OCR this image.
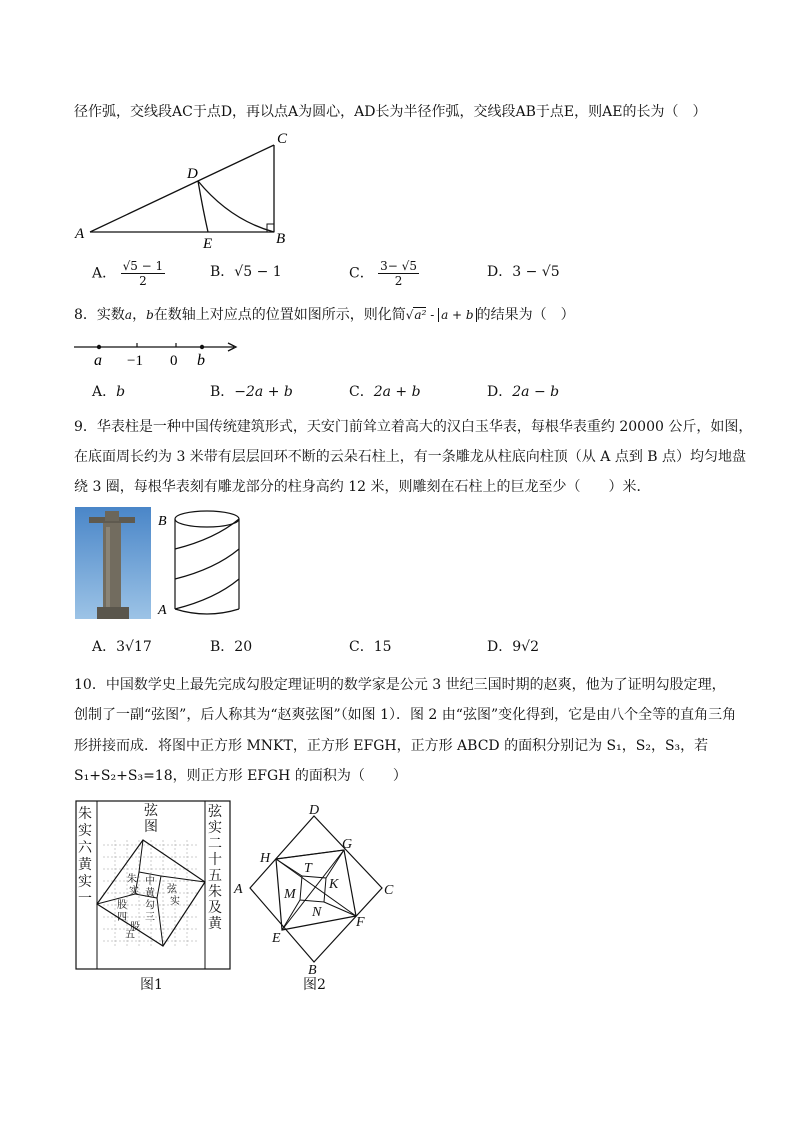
径作弧，交线段AC于点D，再以点A为圆心，AD长为半径作弧，交线段AB于点E，则AE的长为（　）
A	B
C
D
E
A． $\frac{√5 - 1}{2}$	B．√5 − 1	C． $\frac{3- √5}{2}$	D．3 − √5
8．实数a，b在数轴上对应点的位置如图所示，则化简√a² - a + b 的结果为（　）
a −1 0 b
A．b	B．−2a + b	C．2a + b	D．2a − b
9．华表柱是一种中国传统建筑形式，天安门前耸立着高大的汉白玉华表，每根华表重约 20000 公斤，如图，
在底面周长约为 3 米带有层层回环不断的云朵石柱上，有一条雕龙从柱底向柱顶（从 A 点到 B 点）均匀地盘
绕 3 圈，每根华表刻有雕龙部分的柱身高约 12 米，则雕刻在石柱上的巨龙至少（　　）米．
B
A
A．3√17	B．20	C．15	D．9√2
10．中国数学史上最先完成勾股定理证明的数学家是公元 3 世纪三国时期的赵爽，他为了证明勾股定理，
创制了一副“弦图”，后人称其为“赵爽弦图”（如图 1）．图 2 由“弦图”变化得到，它是由八个全等的直角三角
形拼接而成．将图中正方形 MNKT，正方形 EFGH，正方形 ABCD 的面积分别记为 S₁，S₂，S₃，若
S₁+S₂+S₃=18，则正方形 EFGH 的面积为（　　）
朱
实
中
黄 弦
实
股 勾
三
四
股
五
朱实六黄实一
弦实二十五朱及黄
弦图
图1
D
G
H
T
K
A	C
M
N
E
F
B
图2
